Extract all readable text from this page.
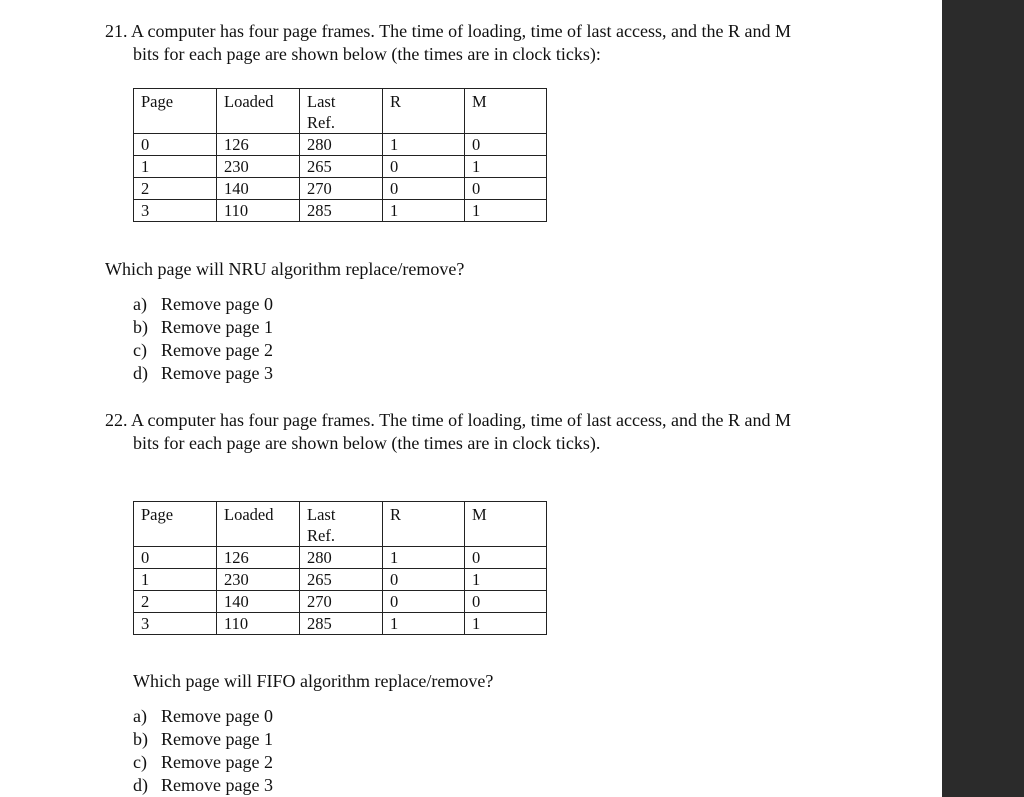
21. A computer has four page frames. The time of loading, time of last access, and the R and M
bits for each page are shown below (the times are in clock ticks):
Page	Loaded	Last Ref.	R	M
0	126	280	1	0
1	230	265	0	1
2	140	270	0	0
3	110	285	1	1
Which page will NRU algorithm replace/remove?
a) Remove page 0
b) Remove page 1
c) Remove page 2
d) Remove page 3
22. A computer has four page frames. The time of loading, time of last access, and the R and M
bits for each page are shown below (the times are in clock ticks).
Page	Loaded	Last Ref.	R	M
0	126	280	1	0
1	230	265	0	1
2	140	270	0	0
3	110	285	1	1
Which page will FIFO algorithm replace/remove?
a) Remove page 0
b) Remove page 1
c) Remove page 2
d) Remove page 3
